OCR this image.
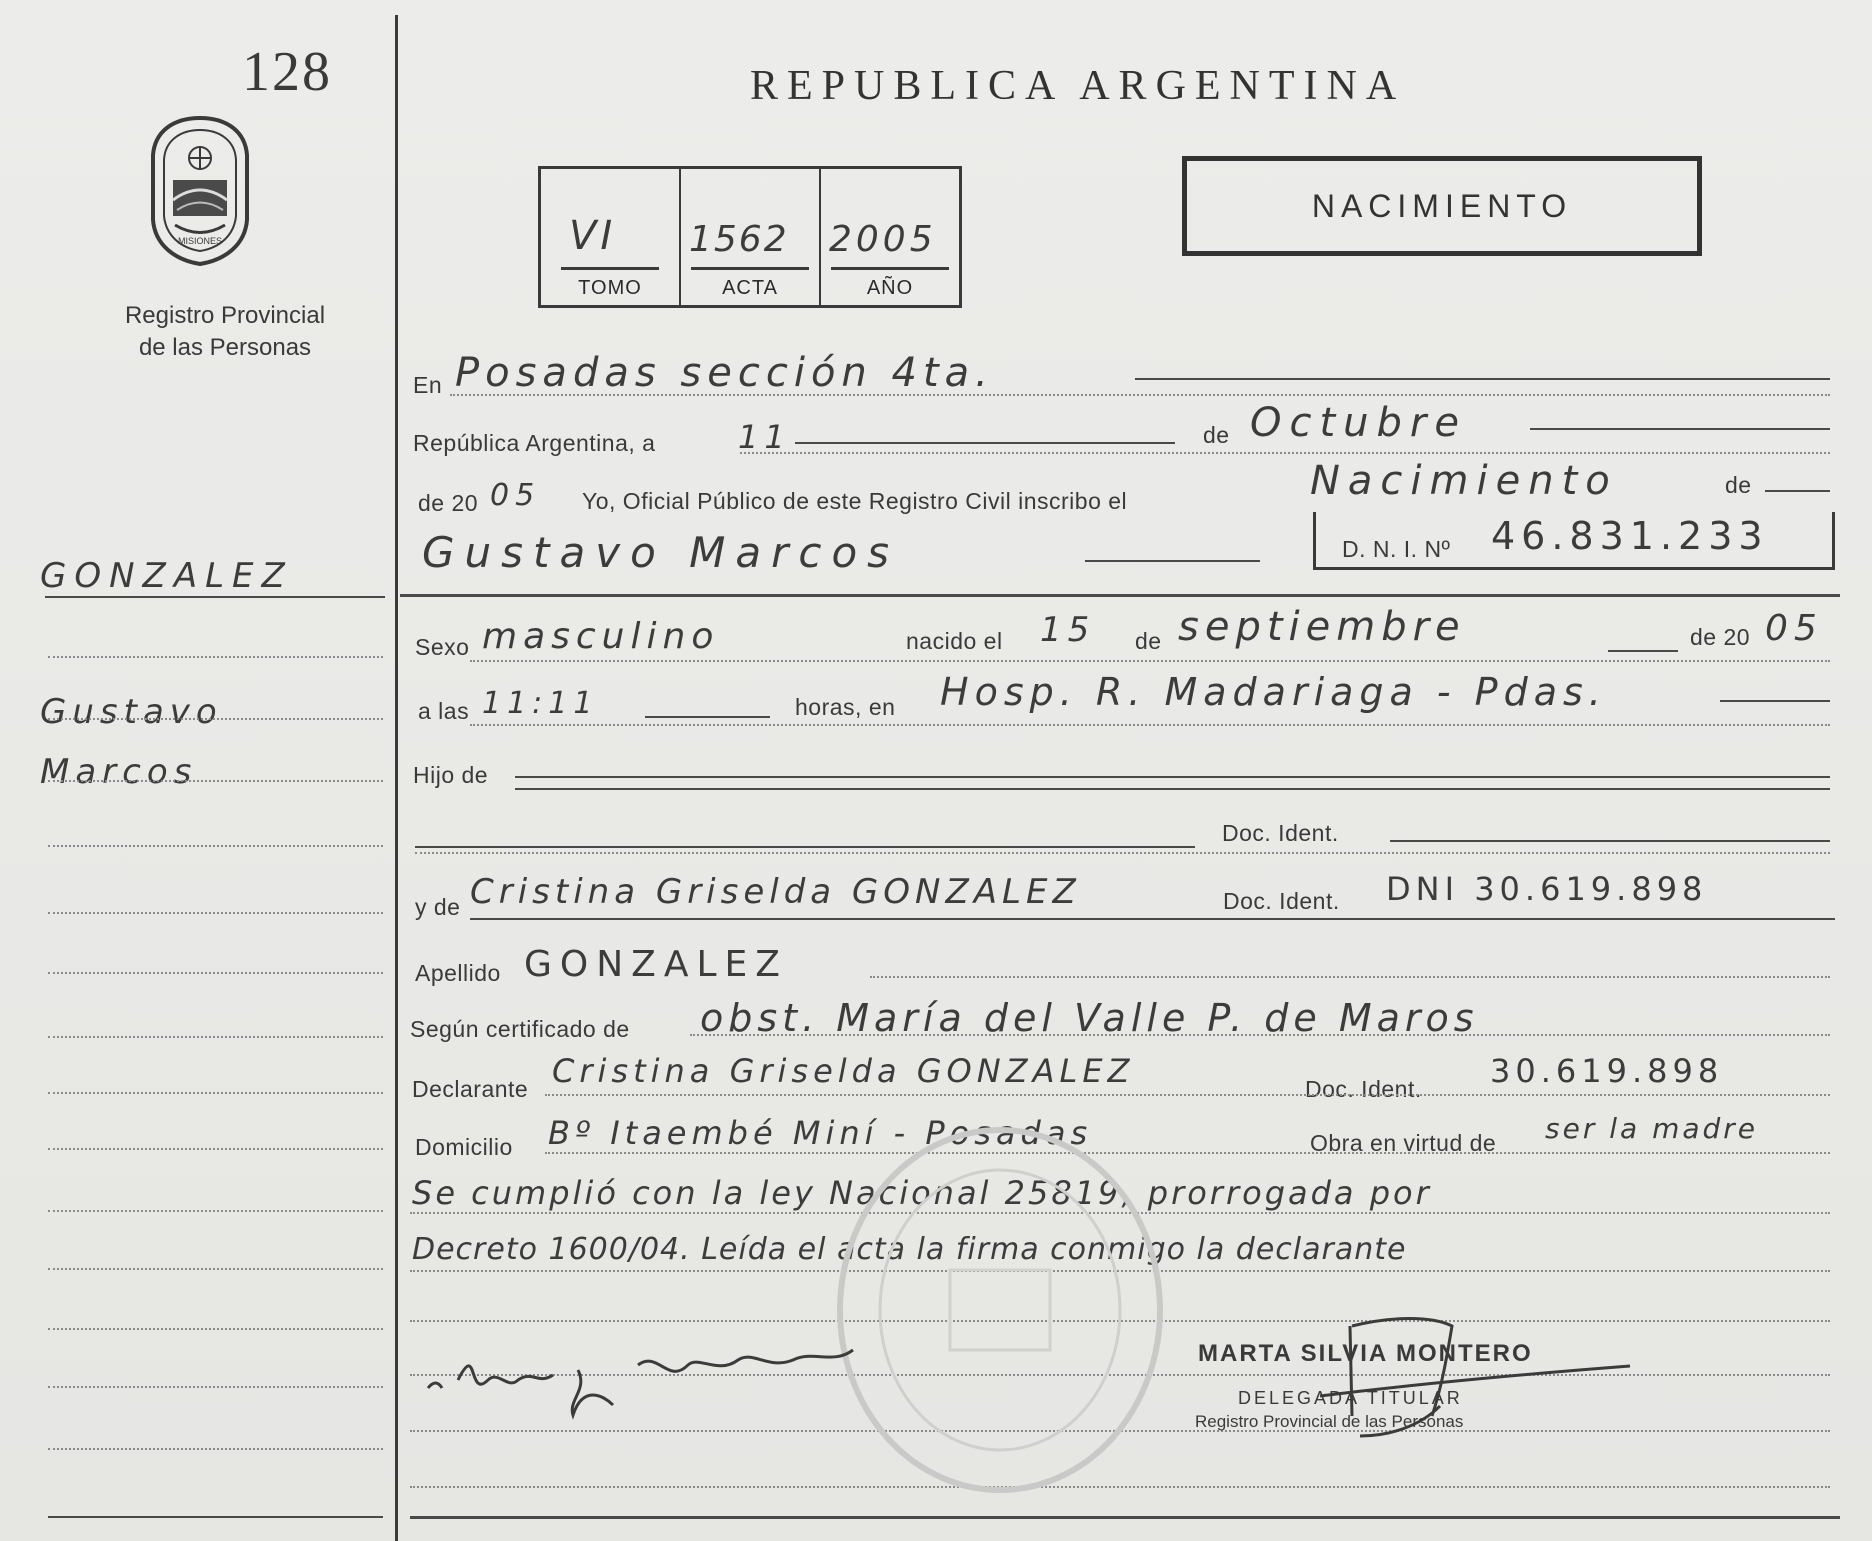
128
MISIONES
Registro Provincial
de las Personas
GONZALEZ
Gustavo
Marcos
REPUBLICA ARGENTINA
VI
TOMO
1562
ACTA
2005
AÑO
NACIMIENTO
En Posadas sección 4ta.
República Argentina, a	11	de Octubre
de 20 05 Yo, Oficial Público de este Registro Civil inscribo el	Nacimiento	de
Gustavo Marcos	D. N. I. Nº 46.831.233
Sexo masculino	nacido el 15 de septiembre	de 20 05
a las 11:11	horas, en Hosp. R. Madariaga - Pdas.
Hijo de
Doc. Ident.
y de Cristina Griselda GONZALEZ	Doc. Ident. DNI 30.619.898
Apellido GONZALEZ
Según certificado de obst. María del Valle P. de Maros
Declarante Cristina Griselda GONZALEZ	Doc. Ident. 30.619.898
Domicilio Bº Itaembé Miní - Posadas	Obra en virtud de ser la madre
Se cumplió con la ley Nacional 25819, prorrogada por
Decreto 1600/04. Leída el acta la firma conmigo la declarante
MARTA SILVIA MONTERO
DELEGADA TITULAR
Registro Provincial de las Personas
